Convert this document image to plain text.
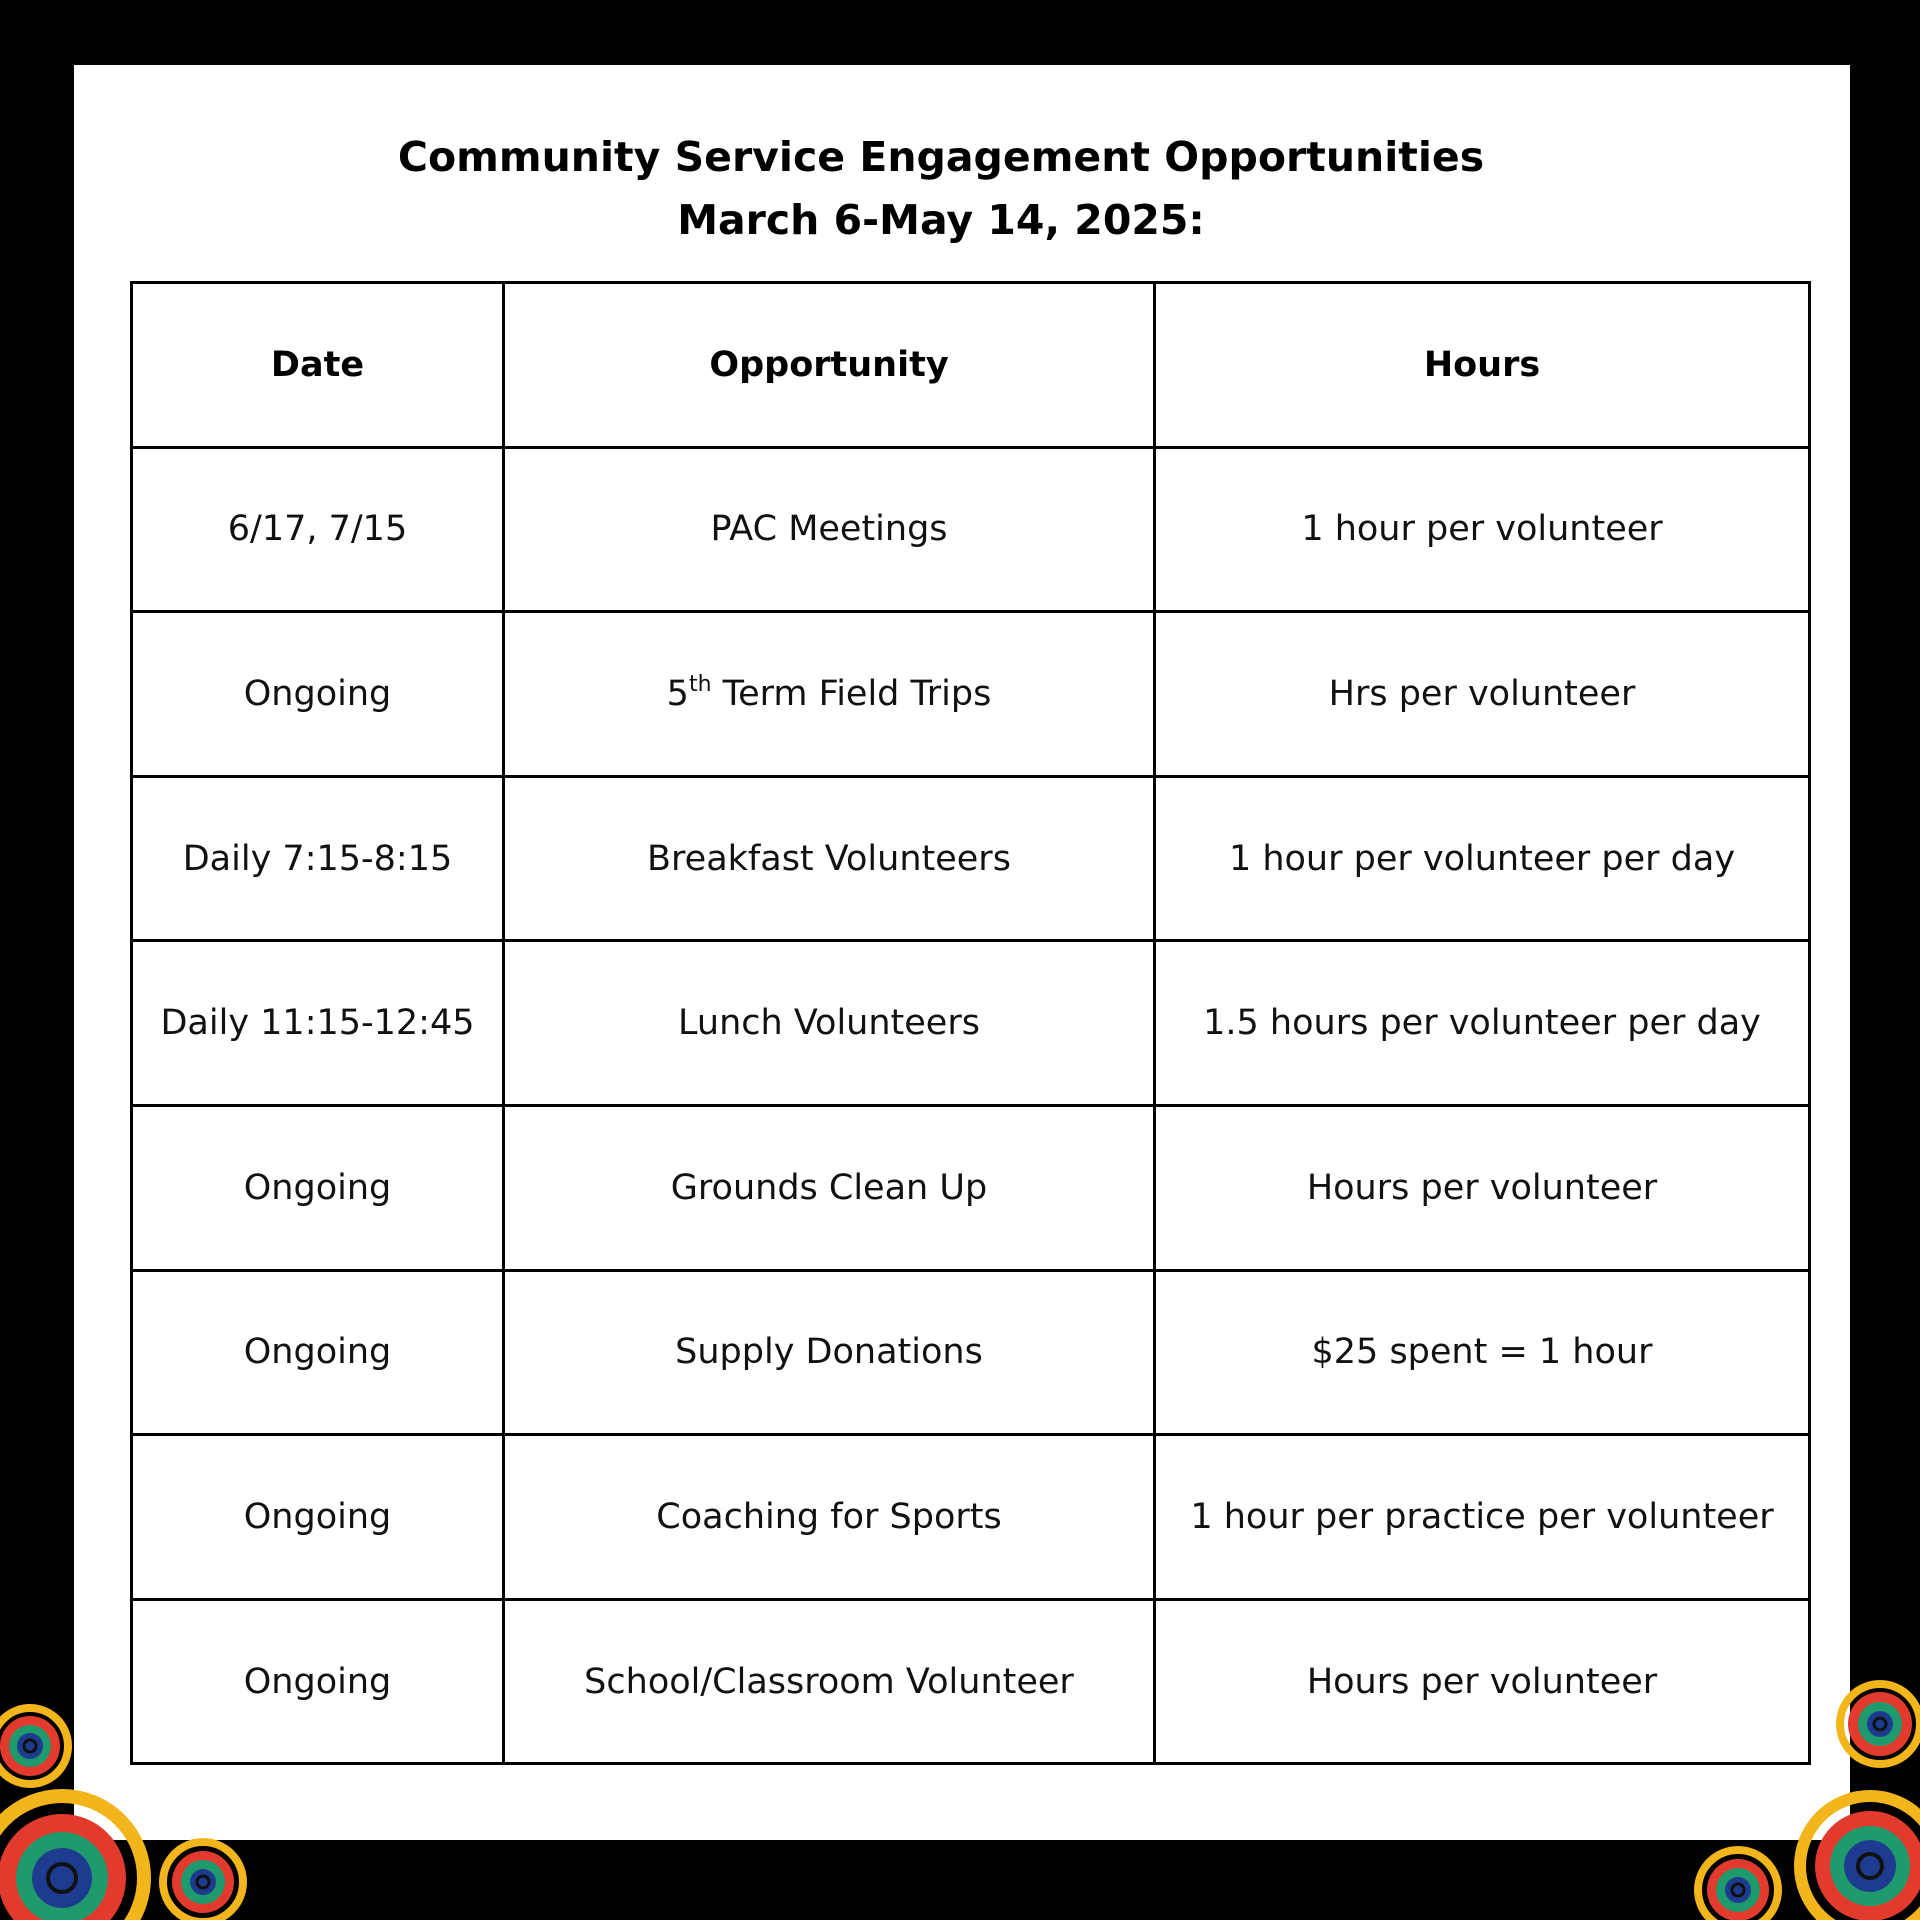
Community Service Engagement Opportunities
March 6-May 14, 2025:
Date	Opportunity	Hours
6/17, 7/15	PAC Meetings	1 hour per volunteer
Ongoing	5th Term Field Trips	Hrs per volunteer
Daily 7:15-8:15	Breakfast Volunteers	1 hour per volunteer per day
Daily 11:15-12:45	Lunch Volunteers	1.5 hours per volunteer per day
Ongoing	Grounds Clean Up	Hours per volunteer
Ongoing	Supply Donations	$25 spent = 1 hour
Ongoing	Coaching for Sports	1 hour per practice per volunteer
Ongoing	School/Classroom Volunteer	Hours per volunteer
